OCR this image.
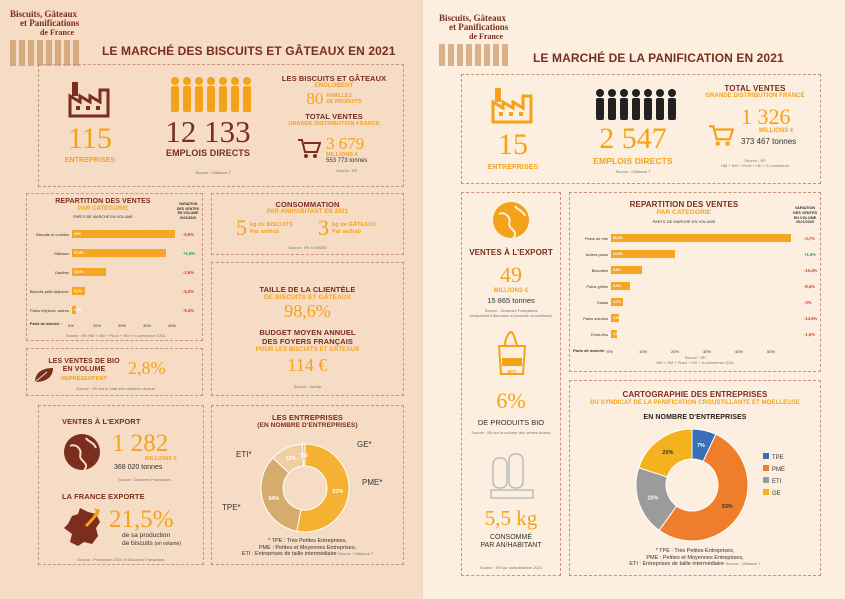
Biscuits, Gâteaux
et Panifications
de France
LE MARCHÉ DES BISCUITS ET GÂTEAUX EN 2021
115
ENTREPRISES
12 133
EMPLOIS DIRECTS
Source : l'Alliance 7
LES BISCUITS ET GÂTEAUX
ENGLOBENT
80 FAMILLES
DE PRODUITS
TOTAL VENTES
GRANDE DISTRIBUTION FRANCE
3 679
MILLIONS €
553 773 tonnes
Source : IRI
REPARTITION DES VENTES
PAR CATEGORIE
PARTS DE MARCHÉ EN VOLUME
VARIATION DES VENTES EN VOLUME 2021/2020
Biscuits et cookies 41%	-5,9%
Gâteaux 37,5%	+1,5%
Gaufres 13,6%	-2,6%
Biscuits petit déjeuner 5,1%	-5,3%
Pains d'épices, autres 1,6%	-5,4%
Parts de marché : 0%	10%	20%	30%	40%
Source : IRI HM + SM + Proxi + HD + e-commerce GSA
CONSOMMATION
PAR AN/HABITANT EN 2021
5 kg de BISCUITS
Par an/hab	3 kg de GÂTEAUX
Par an/hab
Source : IRI et INSEE
TAILLE DE LA CLIENTÈLE
DE BISCUITS ET GÂTEAUX
98,6%
BUDGET MOYEN ANNUEL
DES FOYERS FRANÇAIS
POUR LES BISCUITS ET GÂTEAUX
114 €
Source : Kantar
LES VENTES DE BIO
EN VOLUME
REPRÉSENTENT
2,8%
Source : IRI sur le total des volumes vendus
VENTES À L'EXPORT
1 282
MILLIONS €
368 020 tonnes
Source : Douanes Françaises
LA FRANCE EXPORTE
21,5%
de sa production
de biscuits (en volume)
Source : Production 2020 et Douanes Françaises
LES ENTREPRISES
(EN NOMBRE D'ENTREPRISES)
53%
34%
12%
1%
ETI*
GE*
PME*
TPE*
* TPE : Très Petites Entreprises,
PME : Petites et Moyennes Entreprises,
ETI : Entreprises de taille intermédiaire Source : l'Alliance 7
Biscuits, Gâteaux
et Panifications
de France
LE MARCHÉ DE LA PANIFICATION EN 2021
15
ENTREPRISES
2 547
EMPLOIS DIRECTS
Source : l'Alliance 7
TOTAL VENTES
GRANDE DISTRIBUTION FRANCE
1 326
MILLIONS €
373 467 tonnes
Source : IRI
HM + SM + Proxi + HD + E-commerce
VENTES À L'EXPORT
49
MILLIONS €
15 865 tonnes
Source : Douanes Françaises
(uniquement Biscottes et produits croustillants)
BIO
6%
DE PRODUITS BIO
Source : IRI sur le volume des ventes totales
5,5 kg
CONSOMMÉ
PAR AN/HABITANT
Source : IRI sur consolidation 2021
REPARTITION DES VENTES
PAR CATEGORIE
PARTS DE MARCHÉ EN VOLUME
VARIATION DES VENTES EN VOLUME 2021/2020
Pains de mie 56,3%	-3,7%
Autres pains 19,9%	+1,6%
Biscottes 9,8%	-10,4%
Pains grillés 5,9%	-8,4%
Toasts 3,7%	-3%
Pains suédois 2,5%	-14,5%
Extra-fins 2,0%	-1,6%
Parts de marché : 0%	10%	20%	30%	40%	50%
Source : IRI
HM + SM + Proxi + HD + e-commerce GSA
CARTOGRAPHIE DES ENTREPRISES
DU SYNDICAT DE LA PANIFICATION CROUSTILLANTE ET MOELLEUSE
EN NOMBRE D'ENTREPRISES
7%
53%
20%
20%
TPE
PME
ETI
GE
* TPE : Très Petites Entreprises,
PME : Petites et Moyennes Entreprises,
ETI : Entreprises de taille intermédiaire Source : l'Alliance 7
